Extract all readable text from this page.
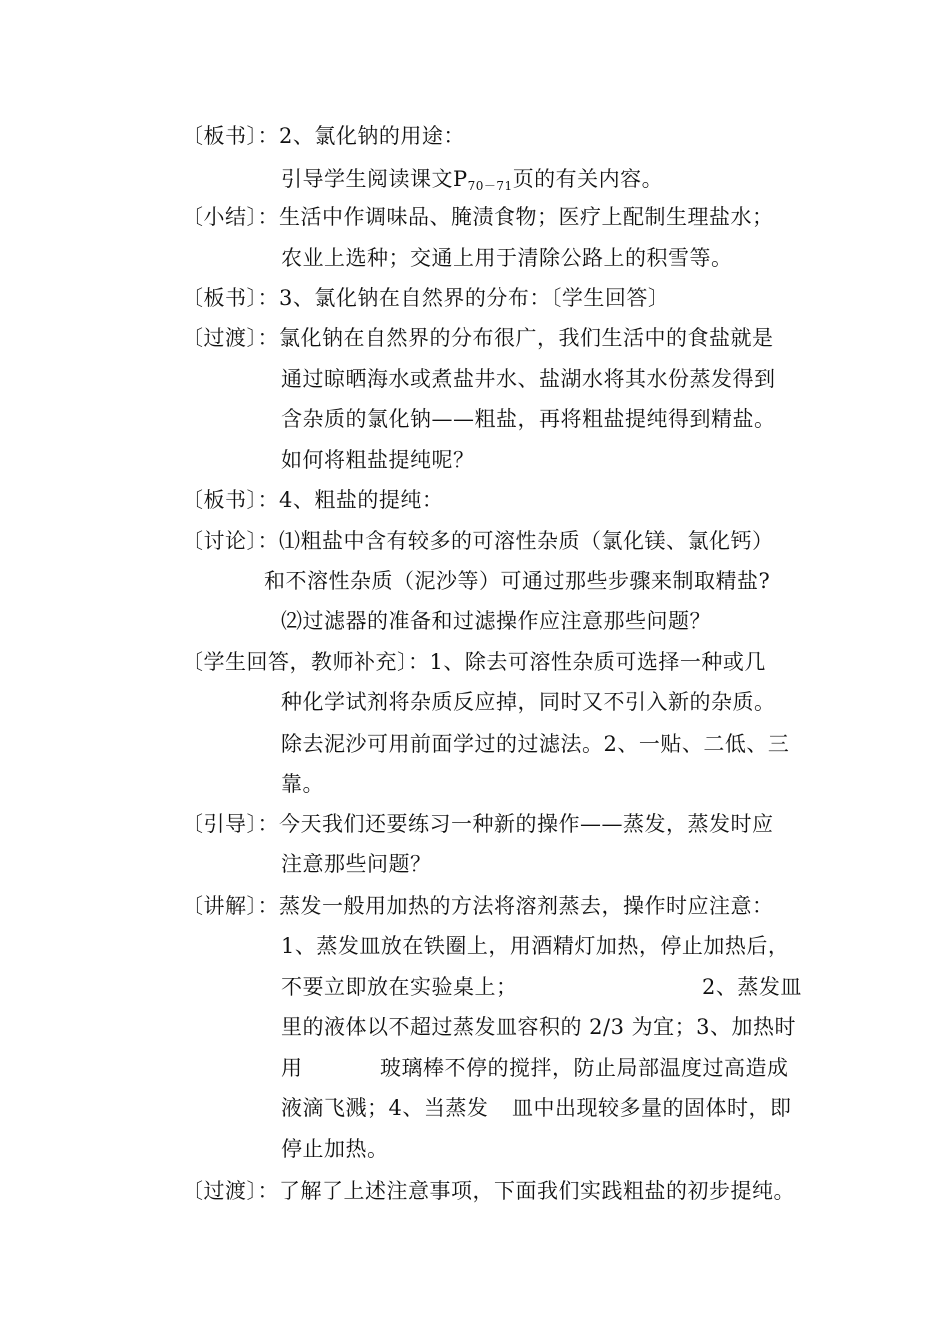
〔板书〕：2、氯化钠的用途：
引导学生阅读课文P70－71页的有关内容。
〔小结〕：生活中作调味品、腌渍食物；医疗上配制生理盐水；
农业上选种；交通上用于清除公路上的积雪等。
〔板书〕：3、氯化钠在自然界的分布：〔学生回答〕
〔过渡〕：氯化钠在自然界的分布很广，我们生活中的食盐就是
通过晾晒海水或煮盐井水、盐湖水将其水份蒸发得到
含杂质的氯化钠——粗盐，再将粗盐提纯得到精盐。
如何将粗盐提纯呢？
〔板书〕：4、粗盐的提纯：
〔讨论〕：⑴粗盐中含有较多的可溶性杂质（氯化镁、氯化钙）
和不溶性杂质（泥沙等）可通过那些步骤来制取精盐?
⑵过滤器的准备和过滤操作应注意那些问题？
〔学生回答，教师补充〕：1、除去可溶性杂质可选择一种或几
种化学试剂将杂质反应掉，同时又不引入新的杂质。
除去泥沙可用前面学过的过滤法。2、一贴、二低、三
靠。
〔引导〕：今天我们还要练习一种新的操作——蒸发，蒸发时应
注意那些问题？
〔讲解〕：蒸发一般用加热的方法将溶剂蒸去，操作时应注意：
1、蒸发皿放在铁圈上，用酒精灯加热，停止加热后，
不要立即放在实验桌上；	2、蒸发皿
里的液体以不超过蒸发皿容积的 2/3 为宜；3、加热时
用	玻璃棒不停的搅拌，防止局部温度过高造成
液滴飞溅；4、当蒸发 皿中出现较多量的固体时，即
停止加热。
〔过渡〕：了解了上述注意事项，下面我们实践粗盐的初步提纯。
